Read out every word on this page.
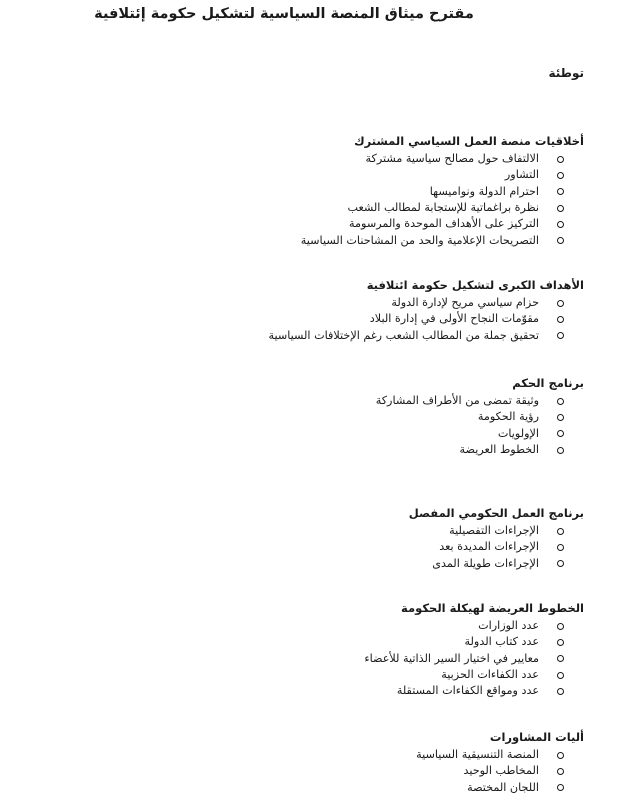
مقترح ميثاق المنصة السياسية لتشكيل حكومة إئتلافية
توطئة
أخلاقيات منصة العمل السياسي المشترك
الالتفاف حول مصالح سياسية مشتركة
التشاور
احترام الدولة ونواميسها
نظرة براغماتية للإستجابة لمطالب الشعب
التركيز على الأهداف الموحدة والمرسومة
التصريحات الإعلامية والحد من المشاحنات السياسية
الأهداف الكبرى لتشكيل حكومة ائتلافية
حزام سياسي مريح لإدارة الدولة
مقوّمات النجاح الأولى في إدارة البلاد
تحقيق جملة من المطالب الشعب رغم الإختلافات السياسية
برنامج الحكم
وثيقة تمضى من الأطراف المشاركة
رؤية الحكومة
الإولويات
الخطوط العريضة
برنامج العمل الحكومي المفصل
الإجراءات التفصيلية
الإجراءات المديدة بعد
الإجراءات طويلة المدى
الخطوط العريضة لهيكلة الحكومة
عدد الوزارات
عدد كتاب الدولة
معايير في اختيار السير الذاتية للأعضاء
عدد الكفاءات الحزبية
عدد ومواقع الكفاءات المستقلة
أليات المشاورات
المنصة التنسيقية السياسية
المخاطب الوحيد
اللجان المختصة
